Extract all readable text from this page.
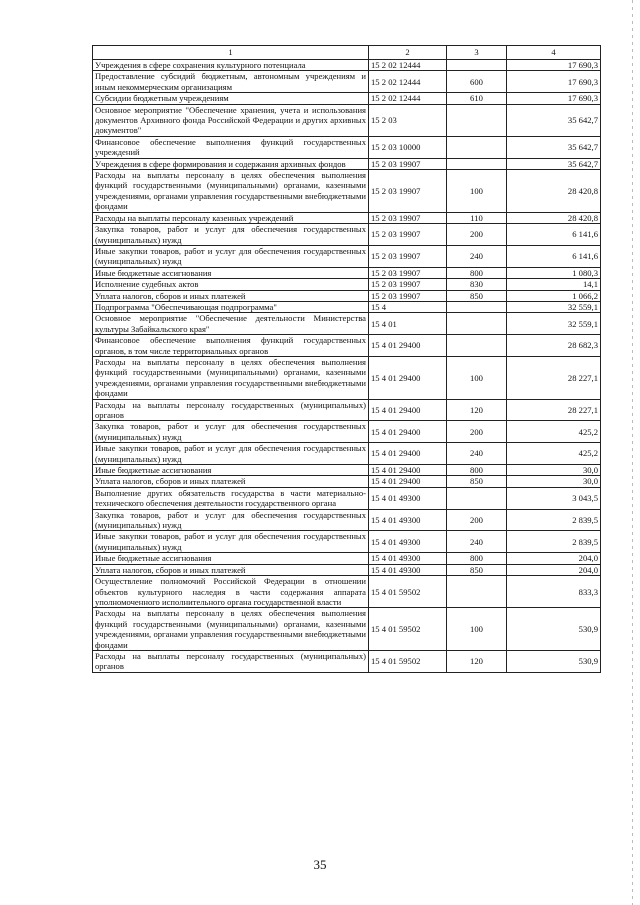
1	2	3	4
Учреждения в сфере сохранения культурного потенциала	15 2 02 12444		17 690,3
Предоставление субсидий бюджетным, автономным учреждениям и иным некоммерческим организациям	15 2 02 12444	600	17 690,3
Субсидии бюджетным учреждениям	15 2 02 12444	610	17 690,3
Основное мероприятие "Обеспечение хранения, учета и использования документов Архивного фонда Российской Федерации и других архивных документов"	15 2 03		35 642,7
Финансовое обеспечение выполнения функций государственных учреждений	15 2 03 10000		35 642,7
Учреждения в сфере формирования и содержания архивных фондов	15 2 03 19907		35 642,7
Расходы на выплаты персоналу в целях обеспечения выполнения функций государственными (муниципальными) органами, казенными учреждениями, органами управления государственными внебюджетными фондами	15 2 03 19907	100	28 420,8
Расходы на выплаты персоналу казенных учреждений	15 2 03 19907	110	28 420,8
Закупка товаров, работ и услуг для обеспечения государственных (муниципальных) нужд	15 2 03 19907	200	6 141,6
Иные закупки товаров, работ и услуг для обеспечения государственных (муниципальных) нужд	15 2 03 19907	240	6 141,6
Иные бюджетные ассигнования	15 2 03 19907	800	1 080,3
Исполнение судебных актов	15 2 03 19907	830	14,1
Уплата налогов, сборов и иных платежей	15 2 03 19907	850	1 066,2
Подпрограмма "Обеспечивающая подпрограмма"	15 4		32 559,1
Основное мероприятие "Обеспечение деятельности Министерства культуры Забайкальского края"	15 4 01		32 559,1
Финансовое обеспечение выполнения функций государственных органов, в том числе территориальных органов	15 4 01 29400		28 682,3
Расходы на выплаты персоналу в целях обеспечения выполнения функций государственными (муниципальными) органами, казенными учреждениями, органами управления государственными внебюджетными фондами	15 4 01 29400	100	28 227,1
Расходы на выплаты персоналу государственных (муниципальных) органов	15 4 01 29400	120	28 227,1
Закупка товаров, работ и услуг для обеспечения государственных (муниципальных) нужд	15 4 01 29400	200	425,2
Иные закупки товаров, работ и услуг для обеспечения государственных (муниципальных) нужд	15 4 01 29400	240	425,2
Иные бюджетные ассигнования	15 4 01 29400	800	30,0
Уплата налогов, сборов и иных платежей	15 4 01 29400	850	30,0
Выполнение других обязательств государства в части материально-технического обеспечения деятельности государственного органа	15 4 01 49300		3 043,5
Закупка товаров, работ и услуг для обеспечения государственных (муниципальных) нужд	15 4 01 49300	200	2 839,5
Иные закупки товаров, работ и услуг для обеспечения государственных (муниципальных) нужд	15 4 01 49300	240	2 839,5
Иные бюджетные ассигнования	15 4 01 49300	800	204,0
Уплата налогов, сборов и иных платежей	15 4 01 49300	850	204,0
Осуществление полномочий Российской Федерации в отношении объектов культурного наследия в части содержания аппарата уполномоченного исполнительного органа государственной власти	15 4 01 59502		833,3
Расходы на выплаты персоналу в целях обеспечения выполнения функций государственными (муниципальными) органами, казенными учреждениями, органами управления государственными внебюджетными фондами	15 4 01 59502	100	530,9
Расходы на выплаты персоналу государственных (муниципальных) органов	15 4 01 59502	120	530,9
35
